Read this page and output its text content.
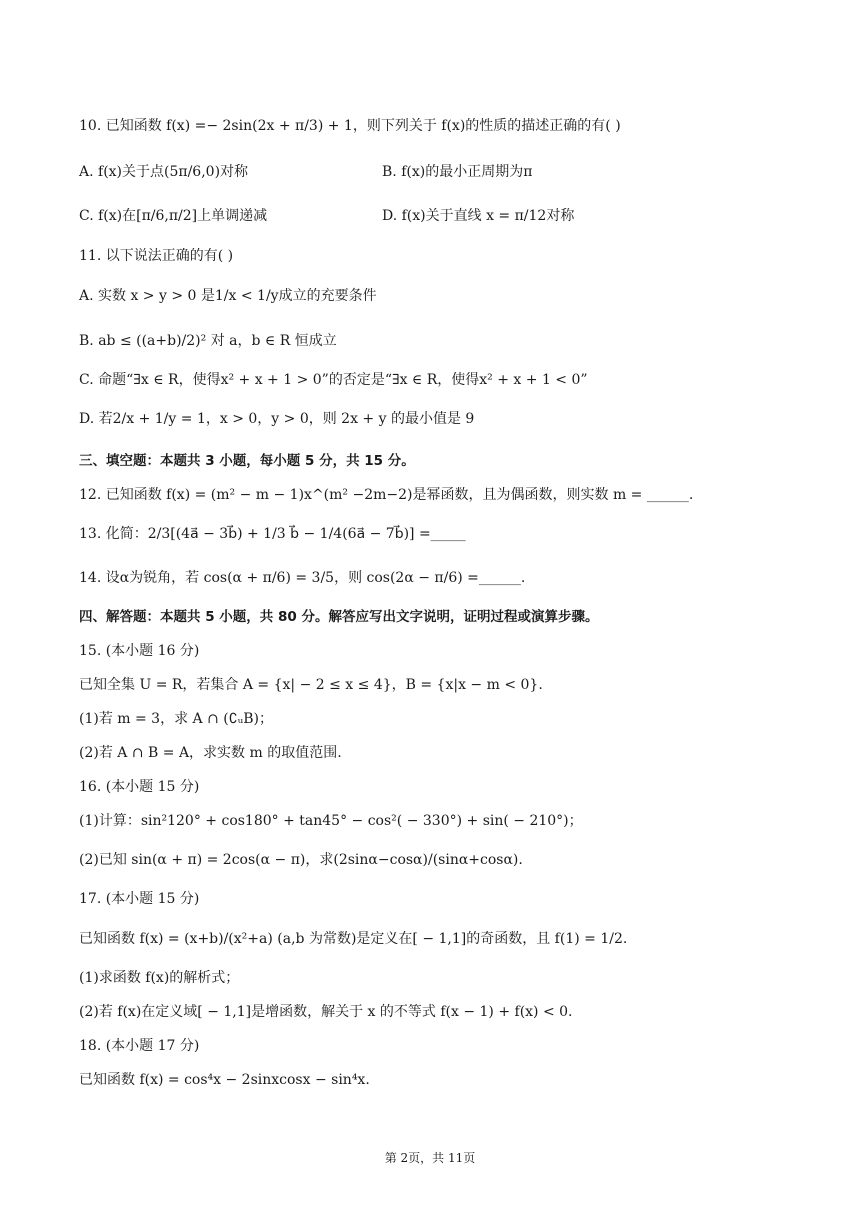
10. 已知函数 f(x) =− 2sin(2x + π/3) + 1，则下列关于 f(x)的性质的描述正确的有( )
A. f(x)关于点(5π/6,0)对称	B. f(x)的最小正周期为π
C. f(x)在[π/6,π/2]上单调递减	D. f(x)关于直线 x = π/12对称
11. 以下说法正确的有( )
A. 实数 x > y > 0 是1/x < 1/y成立的充要条件
B. ab ≤ ((a+b)/2)² 对 a，b ∈ R 恒成立
C. 命题“∃x ∈ R，使得x² + x + 1 > 0”的否定是“∃x ∈ R，使得x² + x + 1 < 0”
D. 若2/x + 1/y = 1，x > 0，y > 0，则 2x + y 的最小值是 9
三、填空题：本题共 3 小题，每小题 5 分，共 15 分。
12. 已知函数 f(x) = (m² − m − 1)x^(m² −2m−2)是幂函数，且为偶函数，则实数 m = ______.
13. 化简：2/3[(4a⃗ − 3b⃗) + 1/3 b⃗ − 1/4(6a⃗ − 7b⃗)] =_____
14. 设α为锐角，若 cos(α + π/6) = 3/5，则 cos(2α − π/6) =______.
四、解答题：本题共 5 小题，共 80 分。解答应写出文字说明，证明过程或演算步骤。
15. (本小题 16 分)
已知全集 U = R，若集合 A = {x| − 2 ≤ x ≤ 4}，B = {x|x − m < 0}.
(1)若 m = 3，求 A ∩ (∁ᵤB)；
(2)若 A ∩ B = A，求实数 m 的取值范围.
16. (本小题 15 分)
(1)计算：sin²120° + cos180° + tan45° − cos²( − 330°) + sin( − 210°)；
(2)已知 sin(α + π) = 2cos(α − π)，求(2sinα−cosα)/(sinα+cosα).
17. (本小题 15 分)
已知函数 f(x) = (x+b)/(x²+a) (a,b 为常数)是定义在[ − 1,1]的奇函数，且 f(1) = 1/2.
(1)求函数 f(x)的解析式；
(2)若 f(x)在定义域[ − 1,1]是增函数，解关于 x 的不等式 f(x − 1) + f(x) < 0.
18. (本小题 17 分)
已知函数 f(x) = cos⁴x − 2sinxcosx − sin⁴x.
第 2页，共 11页
